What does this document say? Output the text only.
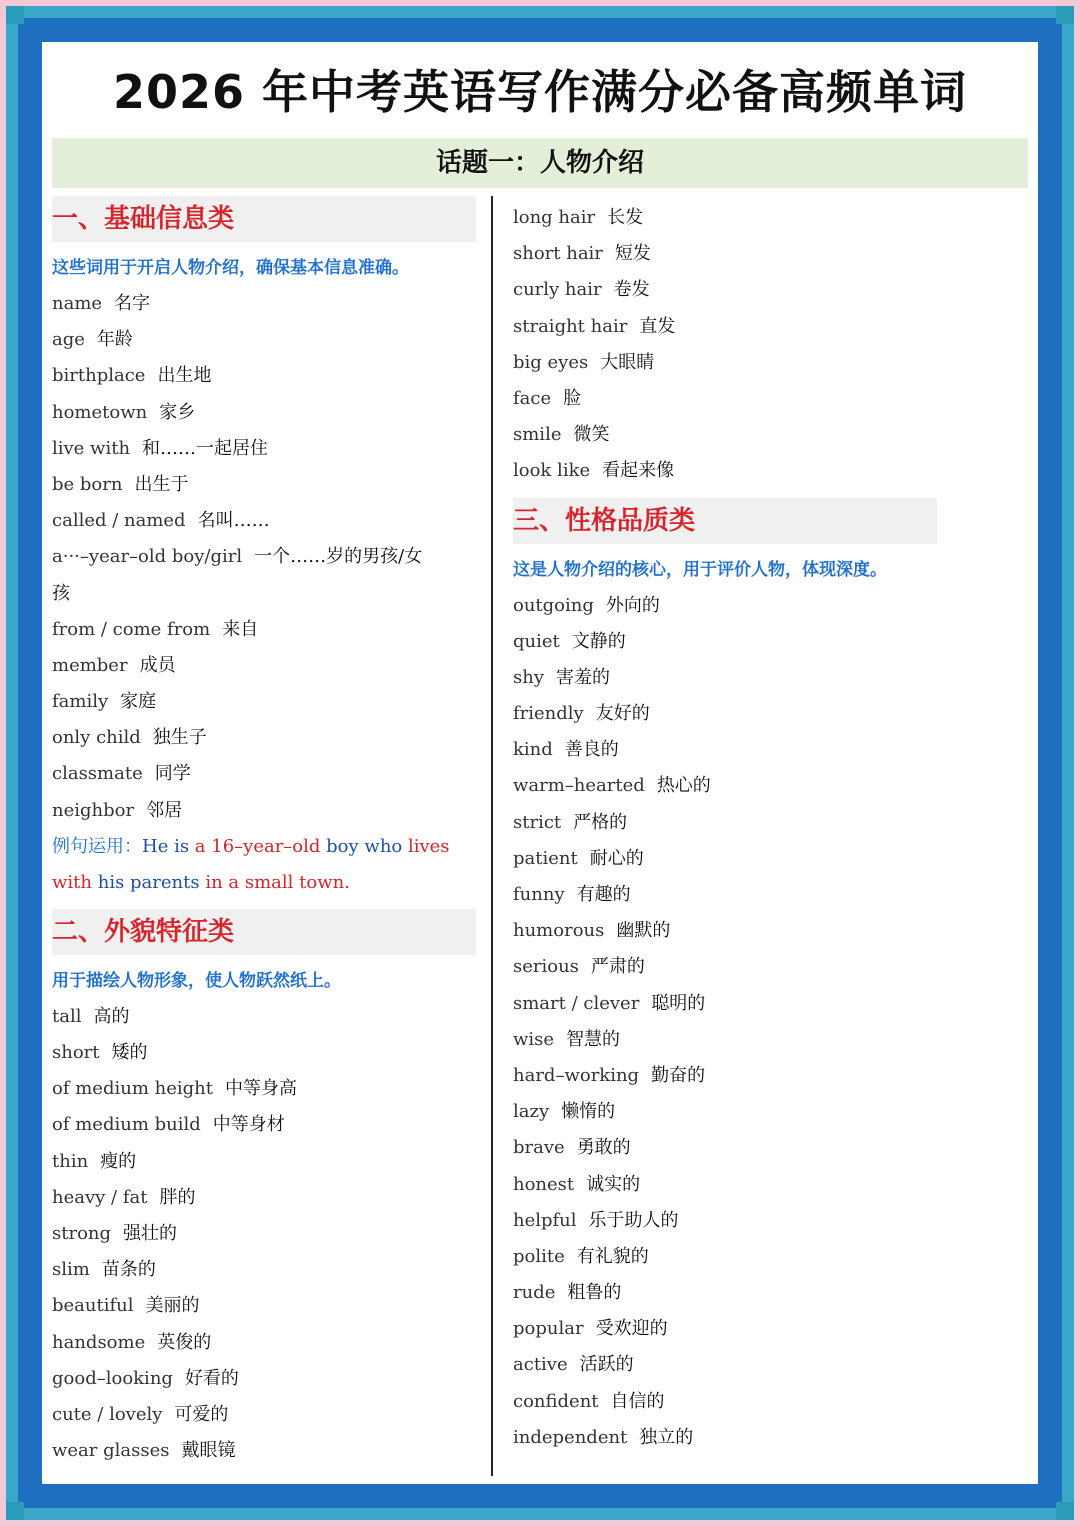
2026 年中考英语写作满分必备高频单词
话题一：人物介绍
一、基础信息类
这些词用于开启人物介绍，确保基本信息准确。
name 名字
age 年龄
birthplace 出生地
hometown 家乡
live with 和……一起居住
be born 出生于
called / named 名叫……
a···–year–old boy/girl 一个……岁的男孩/女
孩
from / come from 来自
member 成员
family 家庭
only child 独生子
classmate 同学
neighbor 邻居
例句运用：He is a 16–year–old boy who lives
with his parents in a small town.
二、外貌特征类
用于描绘人物形象，使人物跃然纸上。
tall 高的
short 矮的
of medium height 中等身高
of medium build 中等身材
thin 瘦的
heavy / fat 胖的
strong 强壮的
slim 苗条的
beautiful 美丽的
handsome 英俊的
good–looking 好看的
cute / lovely 可爱的
wear glasses 戴眼镜
long hair 长发
short hair 短发
curly hair 卷发
straight hair 直发
big eyes 大眼睛
face 脸
smile 微笑
look like 看起来像
三、性格品质类
这是人物介绍的核心，用于评价人物，体现深度。
outgoing 外向的
quiet 文静的
shy 害羞的
friendly 友好的
kind 善良的
warm–hearted 热心的
strict 严格的
patient 耐心的
funny 有趣的
humorous 幽默的
serious 严肃的
smart / clever 聪明的
wise 智慧的
hard–working 勤奋的
lazy 懒惰的
brave 勇敢的
honest 诚实的
helpful 乐于助人的
polite 有礼貌的
rude 粗鲁的
popular 受欢迎的
active 活跃的
confident 自信的
independent 独立的
